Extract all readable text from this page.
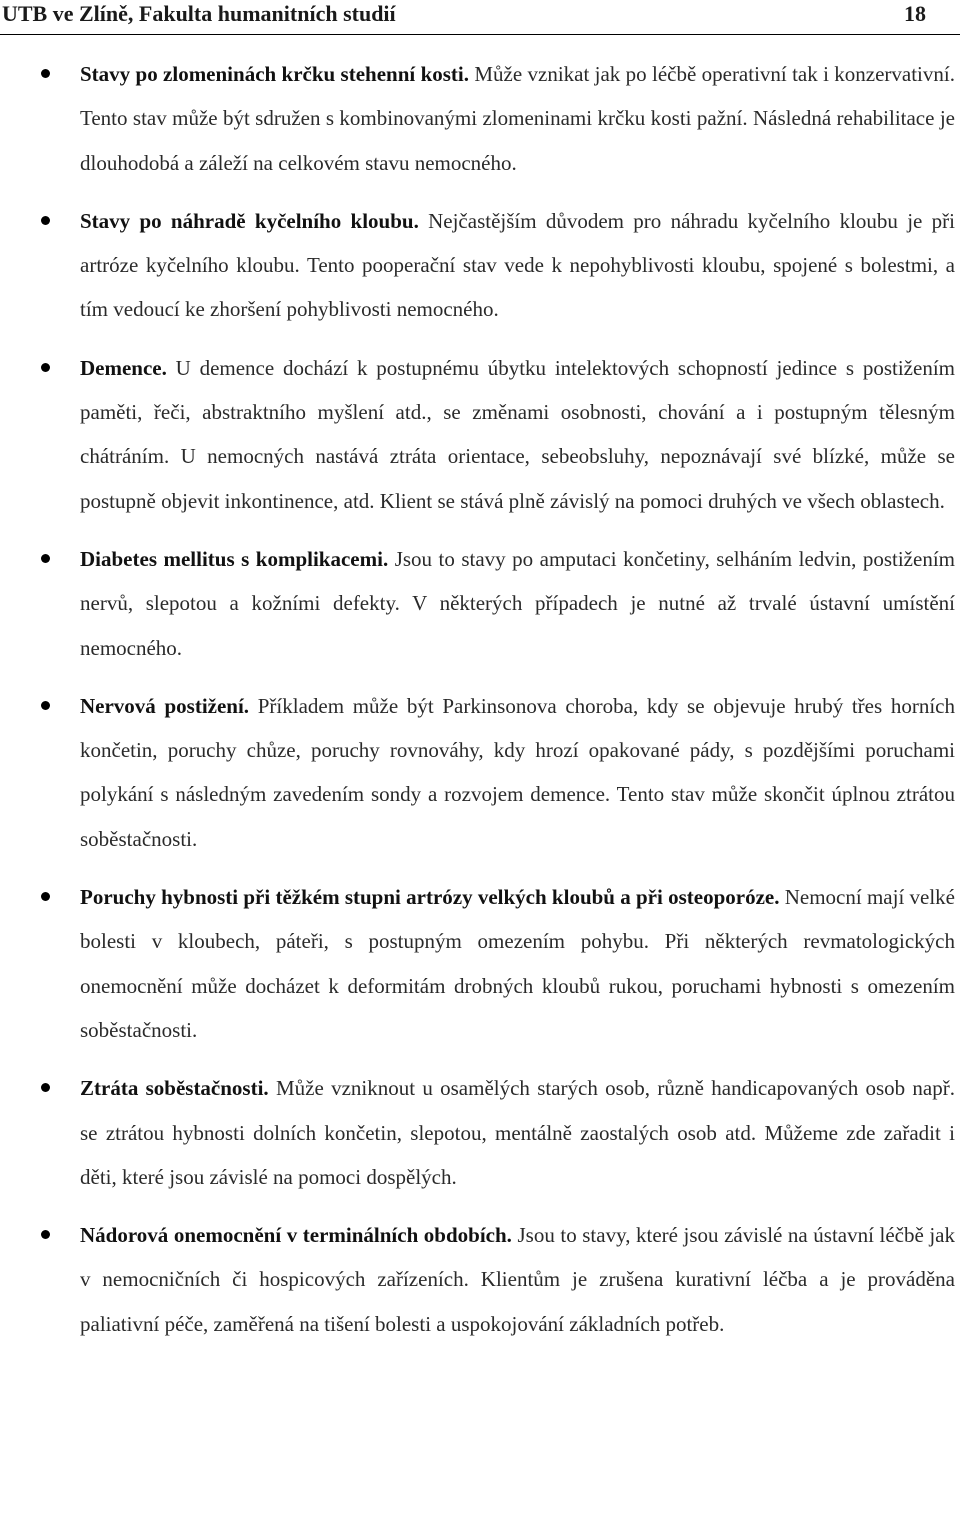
UTB ve Zlíně, Fakulta humanitních studií	18
Stavy po zlomeninách krčku stehenní kosti. Může vznikat jak po léčbě operativní tak i konzervativní. Tento stav může být sdružen s kombinovanými zlomeninami krčku kosti pažní. Následná rehabilitace je dlouhodobá a záleží na celkovém stavu nemocného.
Stavy po náhradě kyčelního kloubu. Nejčastějším důvodem pro náhradu kyčelního kloubu je při artróze kyčelního kloubu. Tento pooperační stav vede k nepohyblivosti kloubu, spojené s bolestmi, a tím vedoucí ke zhoršení pohyblivosti nemocného.
Demence. U demence dochází k postupnému úbytku intelektových schopností jedince s postižením paměti, řeči, abstraktního myšlení atd., se změnami osobnosti, chování a i postupným tělesným chátráním. U nemocných nastává ztráta orientace, sebeobsluhy, nepoznávají své blízké, může se postupně objevit inkontinence, atd. Klient se stává plně závislý na pomoci druhých ve všech oblastech.
Diabetes mellitus s komplikacemi. Jsou to stavy po amputaci končetiny, selháním ledvin, postižením nervů, slepotou a kožními defekty. V některých případech je nutné až trvalé ústavní umístění nemocného.
Nervová postižení. Příkladem může být Parkinsonova choroba, kdy se objevuje hrubý třes horních končetin, poruchy chůze, poruchy rovnováhy, kdy hrozí opakované pády, s pozdějšími poruchami polykání s následným zavedením sondy a rozvojem demence. Tento stav může skončit úplnou ztrátou soběstačnosti.
Poruchy hybnosti při těžkém stupni artrózy velkých kloubů a při osteoporóze. Nemocní mají velké bolesti v kloubech, páteři, s postupným omezením pohybu. Při některých revmatologických onemocnění může docházet k deformitám drobných kloubů rukou, poruchami hybnosti s omezením soběstačnosti.
Ztráta soběstačnosti. Může vzniknout u osamělých starých osob, různě handicapovaných osob např. se ztrátou hybnosti dolních končetin, slepotou, mentálně zaostalých osob atd. Můžeme zde zařadit i děti, které jsou závislé na pomoci dospělých.
Nádorová onemocnění v terminálních obdobích. Jsou to stavy, které jsou závislé na ústavní léčbě jak v nemocničních či hospicových zařízeních. Klientům je zrušena kurativní léčba a je prováděna paliativní péče, zaměřená na tišení bolesti a uspokojování základních potřeb.
